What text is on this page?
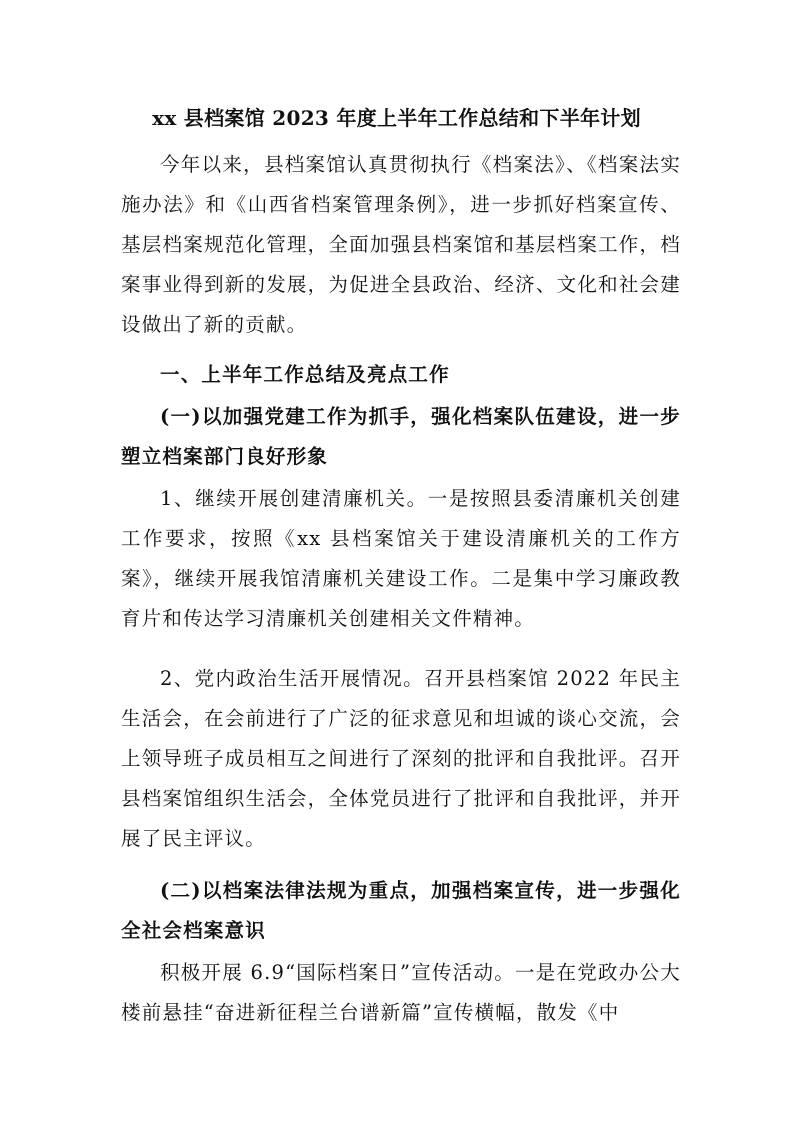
xx 县档案馆 2023 年度上半年工作总结和下半年计划

今年以来，县档案馆认真贯彻执行《档案法》、《档案法实施办法》和《山西省档案管理条例》，进一步抓好档案宣传、基层档案规范化管理，全面加强县档案馆和基层档案工作，档案事业得到新的发展，为促进全县政治、经济、文化和社会建设做出了新的贡献。

一、上半年工作总结及亮点工作

(一)以加强党建工作为抓手，强化档案队伍建设，进一步塑立档案部门良好形象

1、继续开展创建清廉机关。一是按照县委清廉机关创建工作要求，按照《xx 县档案馆关于建设清廉机关的工作方案》，继续开展我馆清廉机关建设工作。二是集中学习廉政教育片和传达学习清廉机关创建相关文件精神。

2、党内政治生活开展情况。召开县档案馆 2022 年民主生活会，在会前进行了广泛的征求意见和坦诚的谈心交流，会上领导班子成员相互之间进行了深刻的批评和自我批评。召开县档案馆组织生活会，全体党员进行了批评和自我批评，并开展了民主评议。

(二)以档案法律法规为重点，加强档案宣传，进一步强化全社会档案意识

积极开展 6.9“国际档案日”宣传活动。一是在党政办公大楼前悬挂“奋进新征程兰台谱新篇”宣传横幅，散发《中
